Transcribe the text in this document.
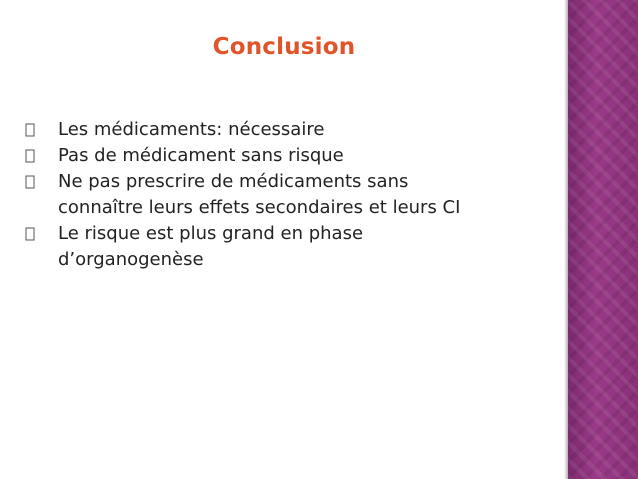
Conclusion
Les médicaments: nécessaire
Pas de médicament sans risque
Ne pas prescrire de médicaments sans
connaître leurs effets secondaires et leurs CI
Le risque est plus grand en phase
d’organogenèse
